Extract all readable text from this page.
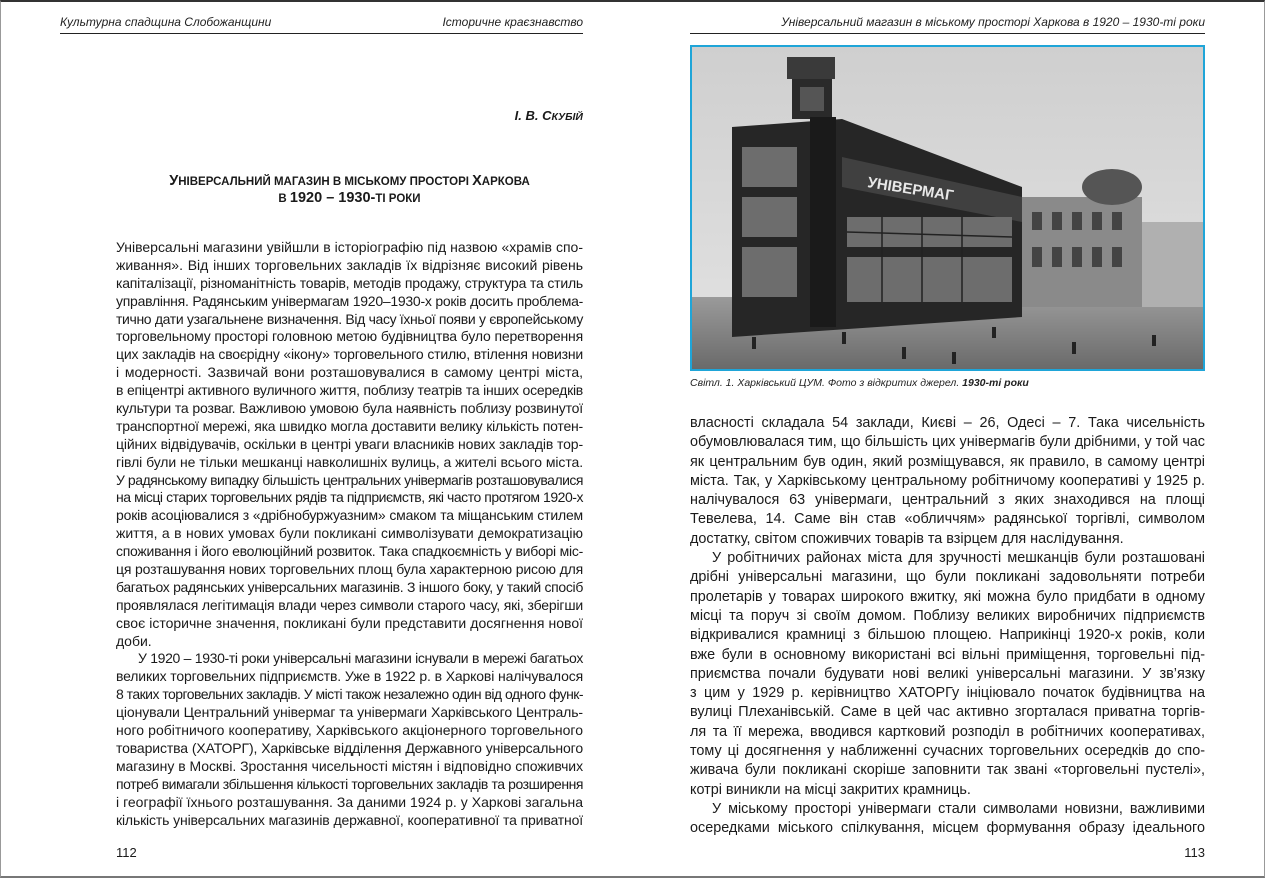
Культурна спадщина Слобожанщини	Історичне краєзнавство
І. В. СКУБІЙ
УНІВЕРСАЛЬНИЙ МАГАЗИН В МІСЬКОМУ ПРОСТОРІ ХАРКОВА
В 1920 – 1930-ТІ РОКИ
Універсальні магазини увійшли в історіографію під назвою «храмів спо-
живання». Від інших торговельних закладів їх відрізняє високий рівень
капіталізації, різноманітність товарів, методів продажу, структура та стиль
управління. Радянським універмагам 1920–1930-х років досить проблема-
тично дати узагальнене визначення. Від часу їхньої появи у європейському
торговельному просторі головною метою будівництва було перетворення
цих закладів на своєрідну «ікону» торговельного стилю, втілення новизни
і модерності. Зазвичай вони розташовувалися в самому центрі міста,
в епіцентрі активного вуличного життя, поблизу театрів та інших осередків
культури та розваг. Важливою умовою була наявність поблизу розвинутої
транспортної мережі, яка швидко могла доставити велику кількість потен-
ційних відвідувачів, оскільки в центрі уваги власників нових закладів тор-
гівлі були не тільки мешканці навколишніх вулиць, а жителі всього міста.
У радянському випадку більшість центральних універмагів розташовувалися
на місці старих торговельних рядів та підприємств, які часто протягом 1920-х
років асоціювалися з «дрібнобуржуазним» смаком та міщанським стилем
життя, а в нових умовах були покликані символізувати демократизацію
споживання і його еволюційний розвиток. Така спадкоємність у виборі міс-
ця розташування нових торговельних площ була характерною рисою для
багатьох радянських універсальних магазинів. З іншого боку, у такий спосіб
проявлялася легітимація влади через символи старого часу, які, зберігши
своє історичне значення, покликані були представити досягнення нової
доби.
У 1920 – 1930-ті роки універсальні магазини існували в мережі багатьох
великих торговельних підприємств. Уже в 1922 р. в Харкові налічувалося
8 таких торговельних закладів. У місті також незалежно один від одного функ-
ціонували Центральний універмаг та універмаги Харківського Централь-
ного робітничого кооперативу, Харківського акціонерного торговельного
товариства (ХАТОРГ), Харківське відділення Державного універсального
магазину в Москві. Зростання чисельності містян і відповідно споживчих
потреб вимагали збільшення кількості торговельних закладів та розширення
і географії їхнього розташування. За даними 1924 р. у Харкові загальна
кількість універсальних магазинів державної, кооперативної та приватної
112
Універсальний магазин в міському просторі Харкова в 1920 – 1930-ті роки
УНІВЕРМАГ
Світл. 1. Харківський ЦУМ. Фото з відкритих джерел. 1930-ті роки
власності складала 54 заклади, Києві – 26, Одесі – 7. Така чисельність
обумовлювалася тим, що більшість цих універмагів були дрібними, у той час
як центральним був один, який розміщувався, як правило, в самому центрі
міста. Так, у Харківському центральному робітничому кооперативі у 1925 р.
налічувалося 63 універмаги, центральний з яких знаходився на площі
Тевелева, 14. Саме він став «обличчям» радянської торгівлі, символом
достатку, світом споживчих товарів та взірцем для наслідування.
У робітничих районах міста для зручності мешканців були розташовані
дрібні універсальні магазини, що були покликані задовольняти потреби
пролетарів у товарах широкого вжитку, які можна було придбати в одному
місці та поруч зі своїм домом. Поблизу великих виробничих підприємств
відкривалися крамниці з більшою площею. Наприкінці 1920-х років, коли
вже були в основному використані всі вільні приміщення, торговельні під-
приємства почали будувати нові великі універсальні магазини. У зв’язку
з цим у 1929 р. керівництво ХАТОРГу ініціювало початок будівництва на
вулиці Плеханівській. Саме в цей час активно згорталася приватна торгів-
ля та її мережа, вводився картковий розподіл в робітничих кооперативах,
тому ці досягнення у наближенні сучасних торговельних осередків до спо-
живача були покликані скоріше заповнити так звані «торговельні пустелі»,
котрі виникли на місці закритих крамниць.
У міському просторі універмаги стали символами новизни, важливими
осередками міського спілкування, місцем формування образу ідеального
113
